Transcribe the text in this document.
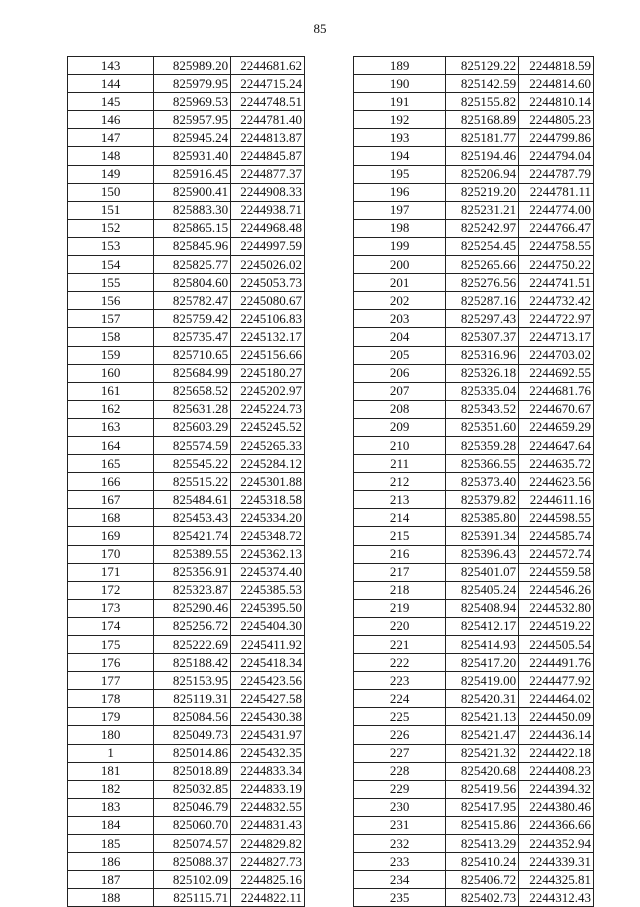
85
143	825989.20	2244681.62
144	825979.95	2244715.24
145	825969.53	2244748.51
146	825957.95	2244781.40
147	825945.24	2244813.87
148	825931.40	2244845.87
149	825916.45	2244877.37
150	825900.41	2244908.33
151	825883.30	2244938.71
152	825865.15	2244968.48
153	825845.96	2244997.59
154	825825.77	2245026.02
155	825804.60	2245053.73
156	825782.47	2245080.67
157	825759.42	2245106.83
158	825735.47	2245132.17
159	825710.65	2245156.66
160	825684.99	2245180.27
161	825658.52	2245202.97
162	825631.28	2245224.73
163	825603.29	2245245.52
164	825574.59	2245265.33
165	825545.22	2245284.12
166	825515.22	2245301.88
167	825484.61	2245318.58
168	825453.43	2245334.20
169	825421.74	2245348.72
170	825389.55	2245362.13
171	825356.91	2245374.40
172	825323.87	2245385.53
173	825290.46	2245395.50
174	825256.72	2245404.30
175	825222.69	2245411.92
176	825188.42	2245418.34
177	825153.95	2245423.56
178	825119.31	2245427.58
179	825084.56	2245430.38
180	825049.73	2245431.97
1	825014.86	2245432.35
181	825018.89	2244833.34
182	825032.85	2244833.19
183	825046.79	2244832.55
184	825060.70	2244831.43
185	825074.57	2244829.82
186	825088.37	2244827.73
187	825102.09	2244825.16
188	825115.71	2244822.11
189	825129.22	2244818.59
190	825142.59	2244814.60
191	825155.82	2244810.14
192	825168.89	2244805.23
193	825181.77	2244799.86
194	825194.46	2244794.04
195	825206.94	2244787.79
196	825219.20	2244781.11
197	825231.21	2244774.00
198	825242.97	2244766.47
199	825254.45	2244758.55
200	825265.66	2244750.22
201	825276.56	2244741.51
202	825287.16	2244732.42
203	825297.43	2244722.97
204	825307.37	2244713.17
205	825316.96	2244703.02
206	825326.18	2244692.55
207	825335.04	2244681.76
208	825343.52	2244670.67
209	825351.60	2244659.29
210	825359.28	2244647.64
211	825366.55	2244635.72
212	825373.40	2244623.56
213	825379.82	2244611.16
214	825385.80	2244598.55
215	825391.34	2244585.74
216	825396.43	2244572.74
217	825401.07	2244559.58
218	825405.24	2244546.26
219	825408.94	2244532.80
220	825412.17	2244519.22
221	825414.93	2244505.54
222	825417.20	2244491.76
223	825419.00	2244477.92
224	825420.31	2244464.02
225	825421.13	2244450.09
226	825421.47	2244436.14
227	825421.32	2244422.18
228	825420.68	2244408.23
229	825419.56	2244394.32
230	825417.95	2244380.46
231	825415.86	2244366.66
232	825413.29	2244352.94
233	825410.24	2244339.31
234	825406.72	2244325.81
235	825402.73	2244312.43
